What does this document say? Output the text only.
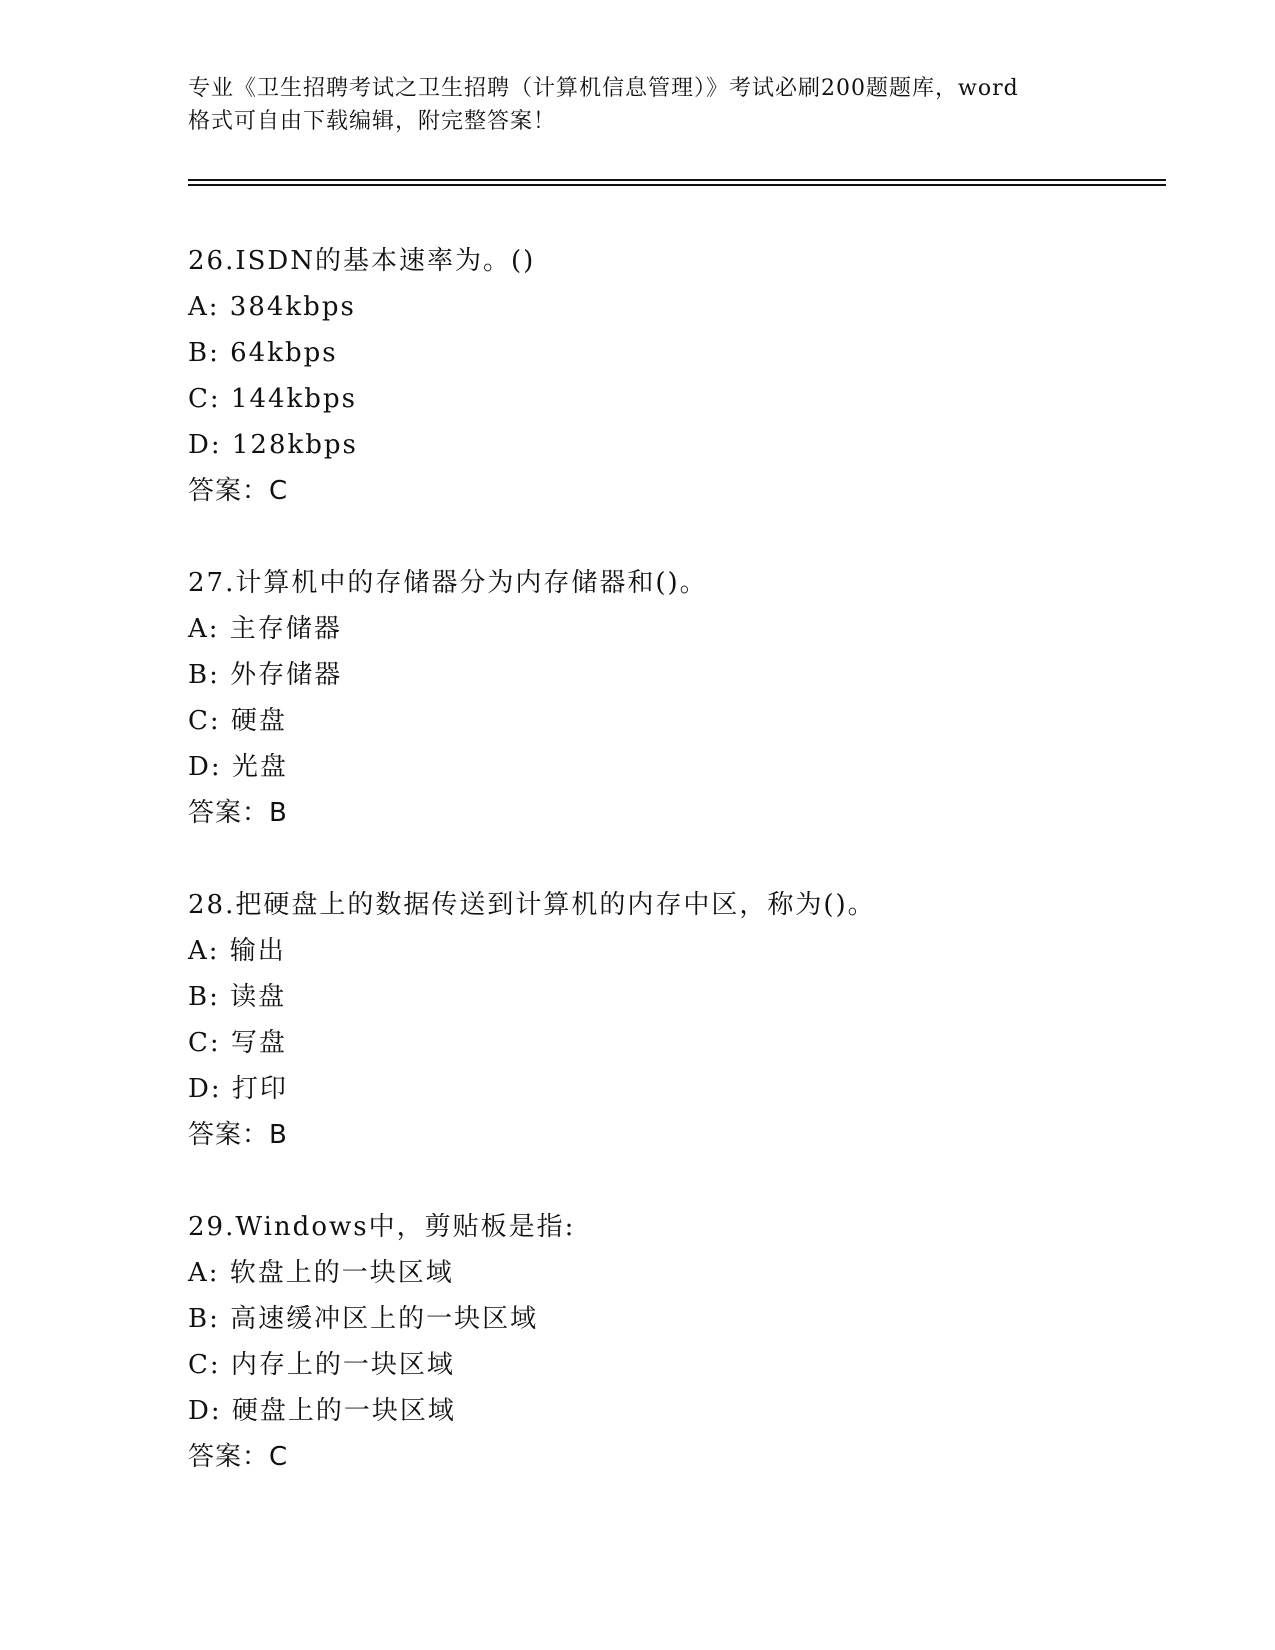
专业《卫生招聘考试之卫生招聘（计算机信息管理）》考试必刷200题题库，word
格式可自由下载编辑，附完整答案！
26.ISDN的基本速率为。()
A: 384kbps
B: 64kbps
C: 144kbps
D: 128kbps
答案：C
27.计算机中的存储器分为内存储器和()。
A: 主存储器
B: 外存储器
C: 硬盘
D: 光盘
答案：B
28.把硬盘上的数据传送到计算机的内存中区，称为()。
A: 输出
B: 读盘
C: 写盘
D: 打印
答案：B
29.Windows中，剪贴板是指:
A: 软盘上的一块区域
B: 高速缓冲区上的一块区域
C: 内存上的一块区域
D: 硬盘上的一块区域
答案：C
